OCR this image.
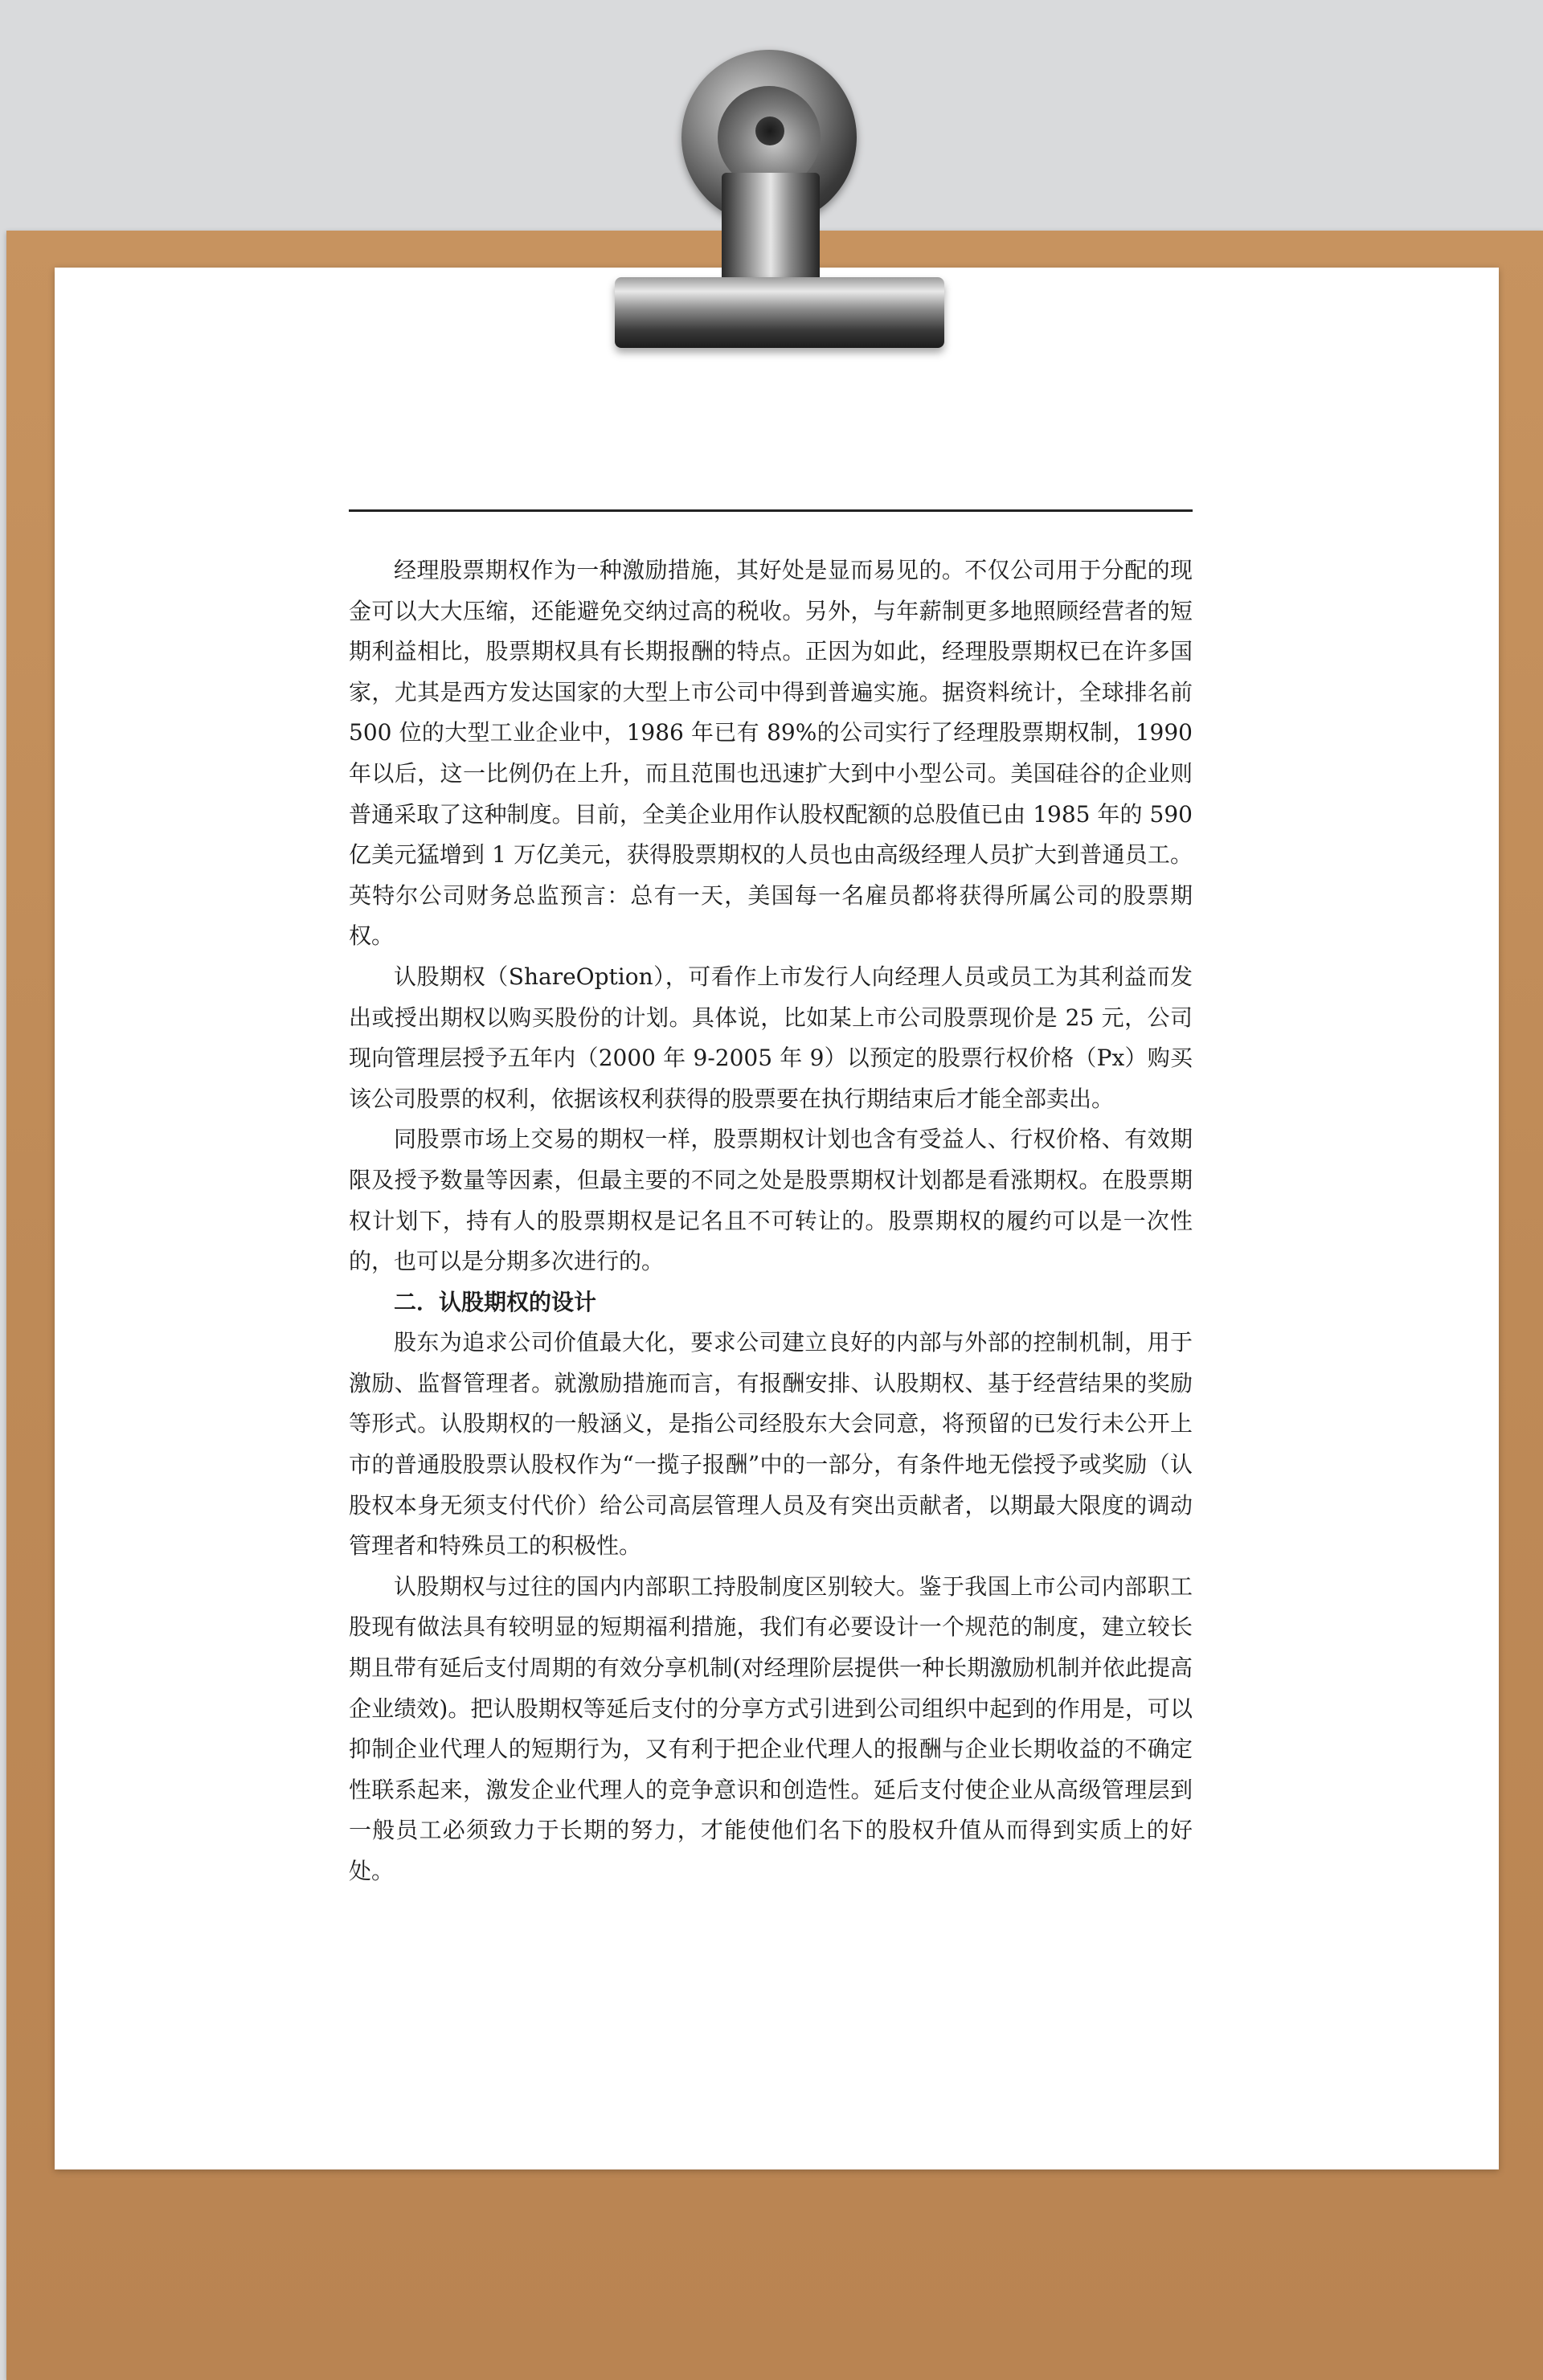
经理股票期权作为一种激励措施，其好处是显而易见的。不仅公司用于分配的现金可以大大压缩，还能避免交纳过高的税收。另外，与年薪制更多地照顾经营者的短期利益相比，股票期权具有长期报酬的特点。正因为如此，经理股票期权已在许多国家，尤其是西方发达国家的大型上市公司中得到普遍实施。据资料统计，全球排名前 500 位的大型工业企业中，1986 年已有 89%的公司实行了经理股票期权制，1990 年以后，这一比例仍在上升，而且范围也迅速扩大到中小型公司。美国硅谷的企业则普通采取了这种制度。目前，全美企业用作认股权配额的总股值已由 1985 年的 590 亿美元猛增到 1 万亿美元，获得股票期权的人员也由高级经理人员扩大到普通员工。英特尔公司财务总监预言：总有一天，美国每一名雇员都将获得所属公司的股票期权。

认股期权（ShareOption），可看作上市发行人向经理人员或员工为其利益而发出或授出期权以购买股份的计划。具体说，比如某上市公司股票现价是 25 元，公司现向管理层授予五年内（2000 年 9-2005 年 9）以预定的股票行权价格（Px）购买该公司股票的权利，依据该权利获得的股票要在执行期结束后才能全部卖出。

同股票市场上交易的期权一样，股票期权计划也含有受益人、行权价格、有效期限及授予数量等因素，但最主要的不同之处是股票期权计划都是看涨期权。在股票期权计划下，持有人的股票期权是记名且不可转让的。股票期权的履约可以是一次性的，也可以是分期多次进行的。

二．认股期权的设计

股东为追求公司价值最大化，要求公司建立良好的内部与外部的控制机制，用于激励、监督管理者。就激励措施而言，有报酬安排、认股期权、基于经营结果的奖励等形式。认股期权的一般涵义，是指公司经股东大会同意，将预留的已发行未公开上市的普通股股票认股权作为“一揽子报酬”中的一部分，有条件地无偿授予或奖励（认股权本身无须支付代价）给公司高层管理人员及有突出贡献者，以期最大限度的调动管理者和特殊员工的积极性。

认股期权与过往的国内内部职工持股制度区别较大。鉴于我国上市公司内部职工股现有做法具有较明显的短期福利措施，我们有必要设计一个规范的制度，建立较长期且带有延后支付周期的有效分享机制(对经理阶层提供一种长期激励机制并依此提高企业绩效)。把认股期权等延后支付的分享方式引进到公司组织中起到的作用是，可以抑制企业代理人的短期行为，又有利于把企业代理人的报酬与企业长期收益的不确定性联系起来，激发企业代理人的竞争意识和创造性。延后支付使企业从高级管理层到一般员工必须致力于长期的努力，才能使他们名下的股权升值从而得到实质上的好处。
